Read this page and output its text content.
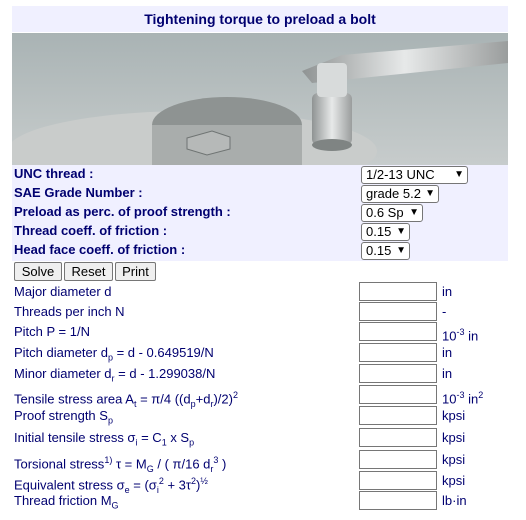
Tightening torque to preload a bolt
UNC thread :	1/2-13 UNC ▼
SAE Grade Number :	grade 5.2 ▼
Preload as perc. of proof strength :	0.6 Sp ▼
Thread coeff. of friction :	0.15 ▼
Head face coeff. of friction :	0.15 ▼
Solve	Reset	Print
Major diameter d	in
Threads per inch N	-
Pitch P = 1/N	$10^{-3}$ in
Pitch diameter $d_p = d - 0.649519/N$	in
Minor diameter $d_r = d - 1.299038/N$	in
Tensile stress area $A_t = \pi/4$ $((d_p+d_r)/2)^2$	$10^{-3}$ $in^2$
Proof strength $S_p$	kpsi
Initial tensile stress $\sigma_i = C_1$ x $S_p$	kpsi
Torsional stress$^{1)}$ $\tau = M_G$ / ( π/16 $d_r^3$ )	kpsi
Equivalent stress $\sigma_e = (\sigma_i^2 + 3\tau^2)^{\frac{1}{2}}$	kpsi
Thread friction $M_G$	lb·in
